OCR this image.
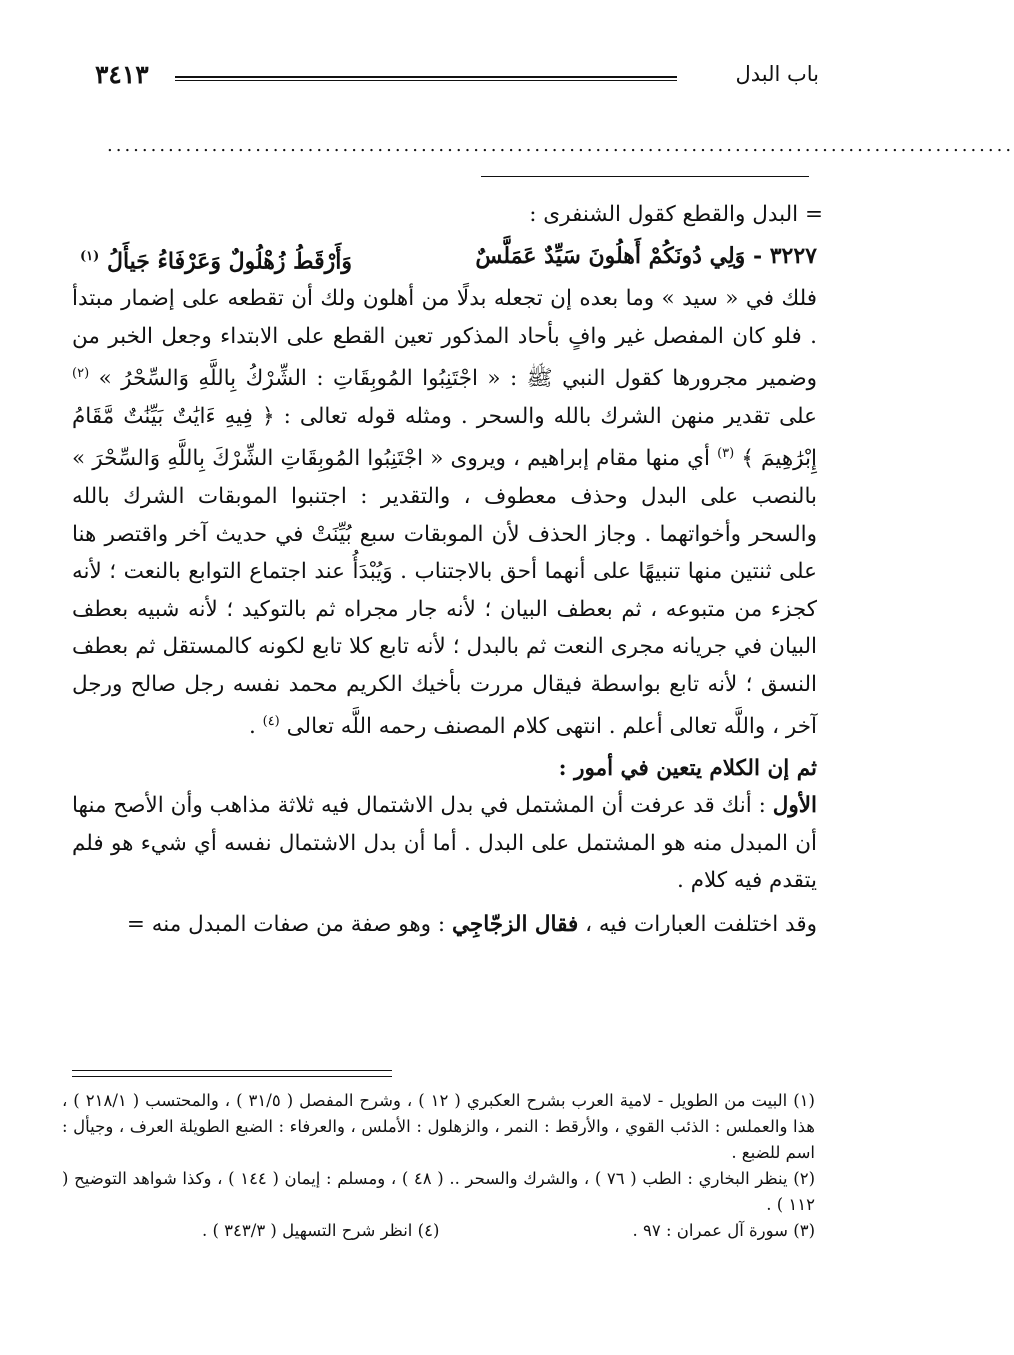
باب البدل
٣٤١٣
........................................................................................................

= البدل والقطع كقول الشنفرى :

٣٢٢٧ - وَلِي دُونَكُمْ أَهلُونَ سَيِّدٌ عَمَلَّسٌ
وَأَرْقَطُ زُهْلُولٌ وَعَرْفَاءُ جَيأَلُ $^{(١)}$

فلك في « سيد » وما بعده إن تجعله بدلًا من أهلون ولك أن تقطعه على إضمار مبتدأ . فلو كان المفصل غير وافٍ بأحاد المذكور تعين القطع على الابتداء وجعل الخبر من وضمير مجرورها كقول النبي ﷺ : « اجْتَنِبُوا المُوبِقَاتِ : الشِّرْكُ بِاللَّهِ وَالسِّحْرُ » $^{(٢)}$ على تقدير منهن الشرك بالله والسحر . ومثله قوله تعالى : ﴿ فِيهِ ءَايَٰتٌ بَيِّنَٰتٌ مَّقَامُ إِبْرَٰهِيمَ ﴾ $^{(٣)}$ أي منها مقام إبراهيم ، ويروى « اجْتَنِبُوا المُوبِقَاتِ الشِّرْكَ بِاللَّهِ وَالسِّحْرَ » بالنصب على البدل وحذف معطوف ، والتقدير : اجتنبوا الموبقات الشرك بالله والسحر وأخواتهما . وجاز الحذف لأن الموبقات سبع بُيِّنَتْ في حديث آخر واقتصر هنا على ثنتين منها تنبيهًا على أنهما أحق بالاجتناب . وَيُبْدَأُ عند اجتماع التوابع بالنعت ؛ لأنه كجزء من متبوعه ، ثم بعطف البيان ؛ لأنه جار مجراه ثم بالتوكيد ؛ لأنه شبيه بعطف البيان في جريانه مجرى النعت ثم بالبدل ؛ لأنه تابع كلا تابع لكونه كالمستقل ثم بعطف النسق ؛ لأنه تابع بواسطة فيقال مررت بأخيك الكريم محمد نفسه رجل صالح ورجل آخر ، واللَّه تعالى أعلم . انتهى كلام المصنف رحمه اللَّه تعالى $^{(٤)}$ .

ثم إن الكلام يتعين في أمور :

الأول : أنك قد عرفت أن المشتمل في بدل الاشتمال فيه ثلاثة مذاهب وأن الأصح منها أن المبدل منه هو المشتمل على البدل . أما أن بدل الاشتمال نفسه أي شيء هو فلم يتقدم فيه كلام .

وقد اختلفت العبارات فيه ، فقال الزجّاجِي : وهو صفة من صفات المبدل منه =

(١) البيت من الطويل - لامية العرب بشرح العكبري ( ١٢ ) ، وشرح المفصل ( ٣١/٥ ) ، والمحتسب ( ٢١٨/١ ) ، هذا والعملس : الذئب القوي ، والأرقط : النمر ، والزهلول : الأملس ، والعرفاء : الضبع الطويلة العرف ، وجيأل : اسم للضبع .

(٢) ينظر البخاري : الطب ( ٧٦ ) ، والشرك والسحر .. ( ٤٨ ) ، ومسلم : إيمان ( ١٤٤ ) ، وكذا شواهد التوضيح ( ١١٢ ) .

(٣) سورة آل عمران : ٩٧ .
(٤) انظر شرح التسهيل ( ٣٤٣/٣ ) .
